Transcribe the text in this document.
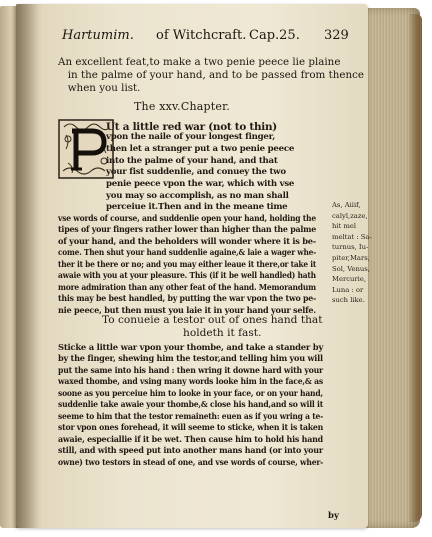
Hartumim. of Witchcraft. Cap.25. 329
An excellent feat,to make a two penie peece lie plaine
in the palme of your hand, and to be passed from thence
when you list.
The xxv.Chapter.
Ut a little red war (not to thin)
vpon the naile of your longest finger,
then let a stranger put a two penie peece
into the palme of your hand, and that
your fist suddenlie, and conuey the two
penie peece vpon the war, which with vse
you may so accomplish, as no man shall
perceiue it.Then and in the meane time
vse words of course, and suddenlie open your hand, holding the
tipes of your fingers rather lower than higher than the palme
of your hand, and the beholders will wonder where it is be-
come. Then shut your hand suddenlie againe,& laie a wager whe-
ther it be there or no; and you may either leaue it there,or take it
awaie with you at your pleasure. This (if it be well handled) hath
more admiration than any other feat of the hand. Memorandum
this may be best handled, by putting the war vpon the two pe-
nie peece, but then must you laie it in your hand your selfe.
As, Aiiif,
calyl,zaze,
hit mel
meltat : Sa-
turnus, Iu-
piter,Mars,
Sol, Venus,
Mercurie,
Luna : or
such like.
To conueie a testor out of ones hand that
holdeth it fast.
Sticke a little war vpon your thombe, and take a stander by
by the finger, shewing him the testor,and telling him you will
put the same into his hand : then wring it downe hard with your
waxed thombe, and vsing many words looke him in the face,& as
soone as you perceiue him to looke in your face, or on your hand,
suddenlie take awaie your thombe,& close his hand,and so will it
seeme to him that the testor remaineth: euen as if you wring a te-
stor vpon ones forehead, it will seeme to sticke, when it is taken
awaie, especiallie if it be wet. Then cause him to hold his hand
still, and with speed put into another mans hand (or into your
owne) two testors in stead of one, and vse words of course, wher-
by
